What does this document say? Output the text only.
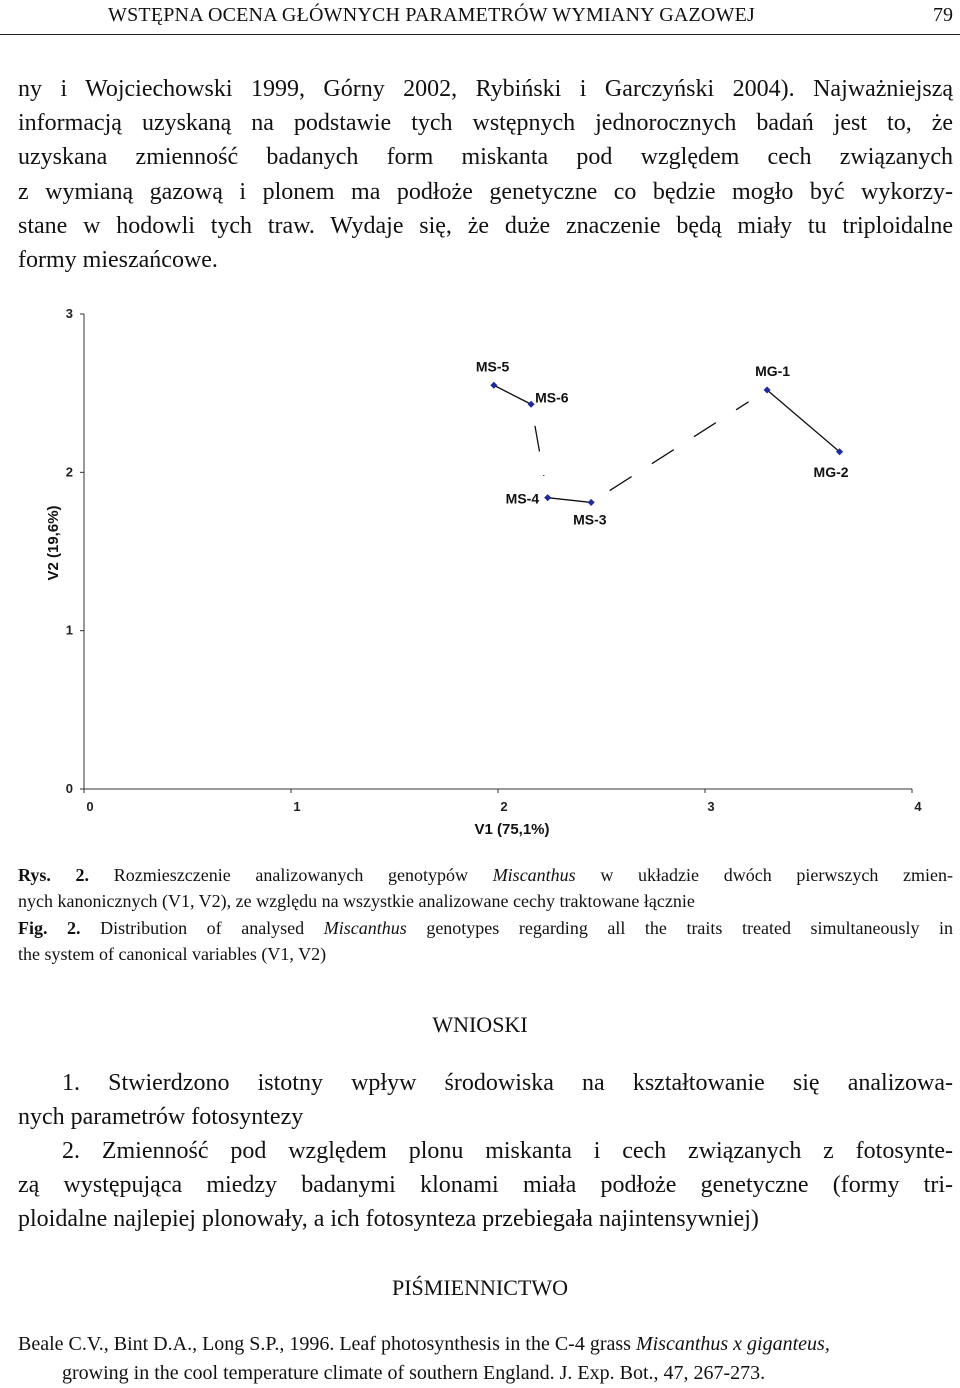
WSTĘPNA OCENA GŁÓWNYCH PARAMETRÓW WYMIANY GAZOWEJ	79
ny i Wojciechowski 1999, Górny 2002, Rybiński i Garczyński 2004). Najważniejszą
informacją uzyskaną na podstawie tych wstępnych jednorocznych badań jest to, że
uzyskana zmienność badanych form miskanta pod względem cech związanych
z wymianą gazową i plonem ma podłoże genetyczne co będzie mogło być wykorzy-
stane w hodowli tych traw. Wydaje się, że duże znaczenie będą miały tu triploidalne
formy mieszańcowe.
0
1
2
3
0	1	2	3	4
V1 (75,1%)
V2 (19,6%)
MS-5
MS-6
MS-4
MS-3
MG-1
MG-2
Rys. 2. Rozmieszczenie analizowanych genotypów Miscanthus w układzie dwóch pierwszych zmien-
nych kanonicznych (V1, V2), ze względu na wszystkie analizowane cechy traktowane łącznie
Fig. 2. Distribution of analysed Miscanthus genotypes regarding all the traits treated simultaneously in
the system of canonical variables (V1, V2)
WNIOSKI
1. Stwierdzono istotny wpływ środowiska na kształtowanie się analizowa-
nych parametrów fotosyntezy
2. Zmienność pod względem plonu miskanta i cech związanych z fotosynte-
zą występująca miedzy badanymi klonami miała podłoże genetyczne (formy tri-
ploidalne najlepiej plonowały, a ich fotosynteza przebiegała najintensywniej)
PIŚMIENNICTWO
Beale C.V., Bint D.A., Long S.P., 1996. Leaf photosynthesis in the C-4 grass Miscanthus x giganteus,
growing in the cool temperature climate of southern England. J. Exp. Bot., 47, 267-273.
